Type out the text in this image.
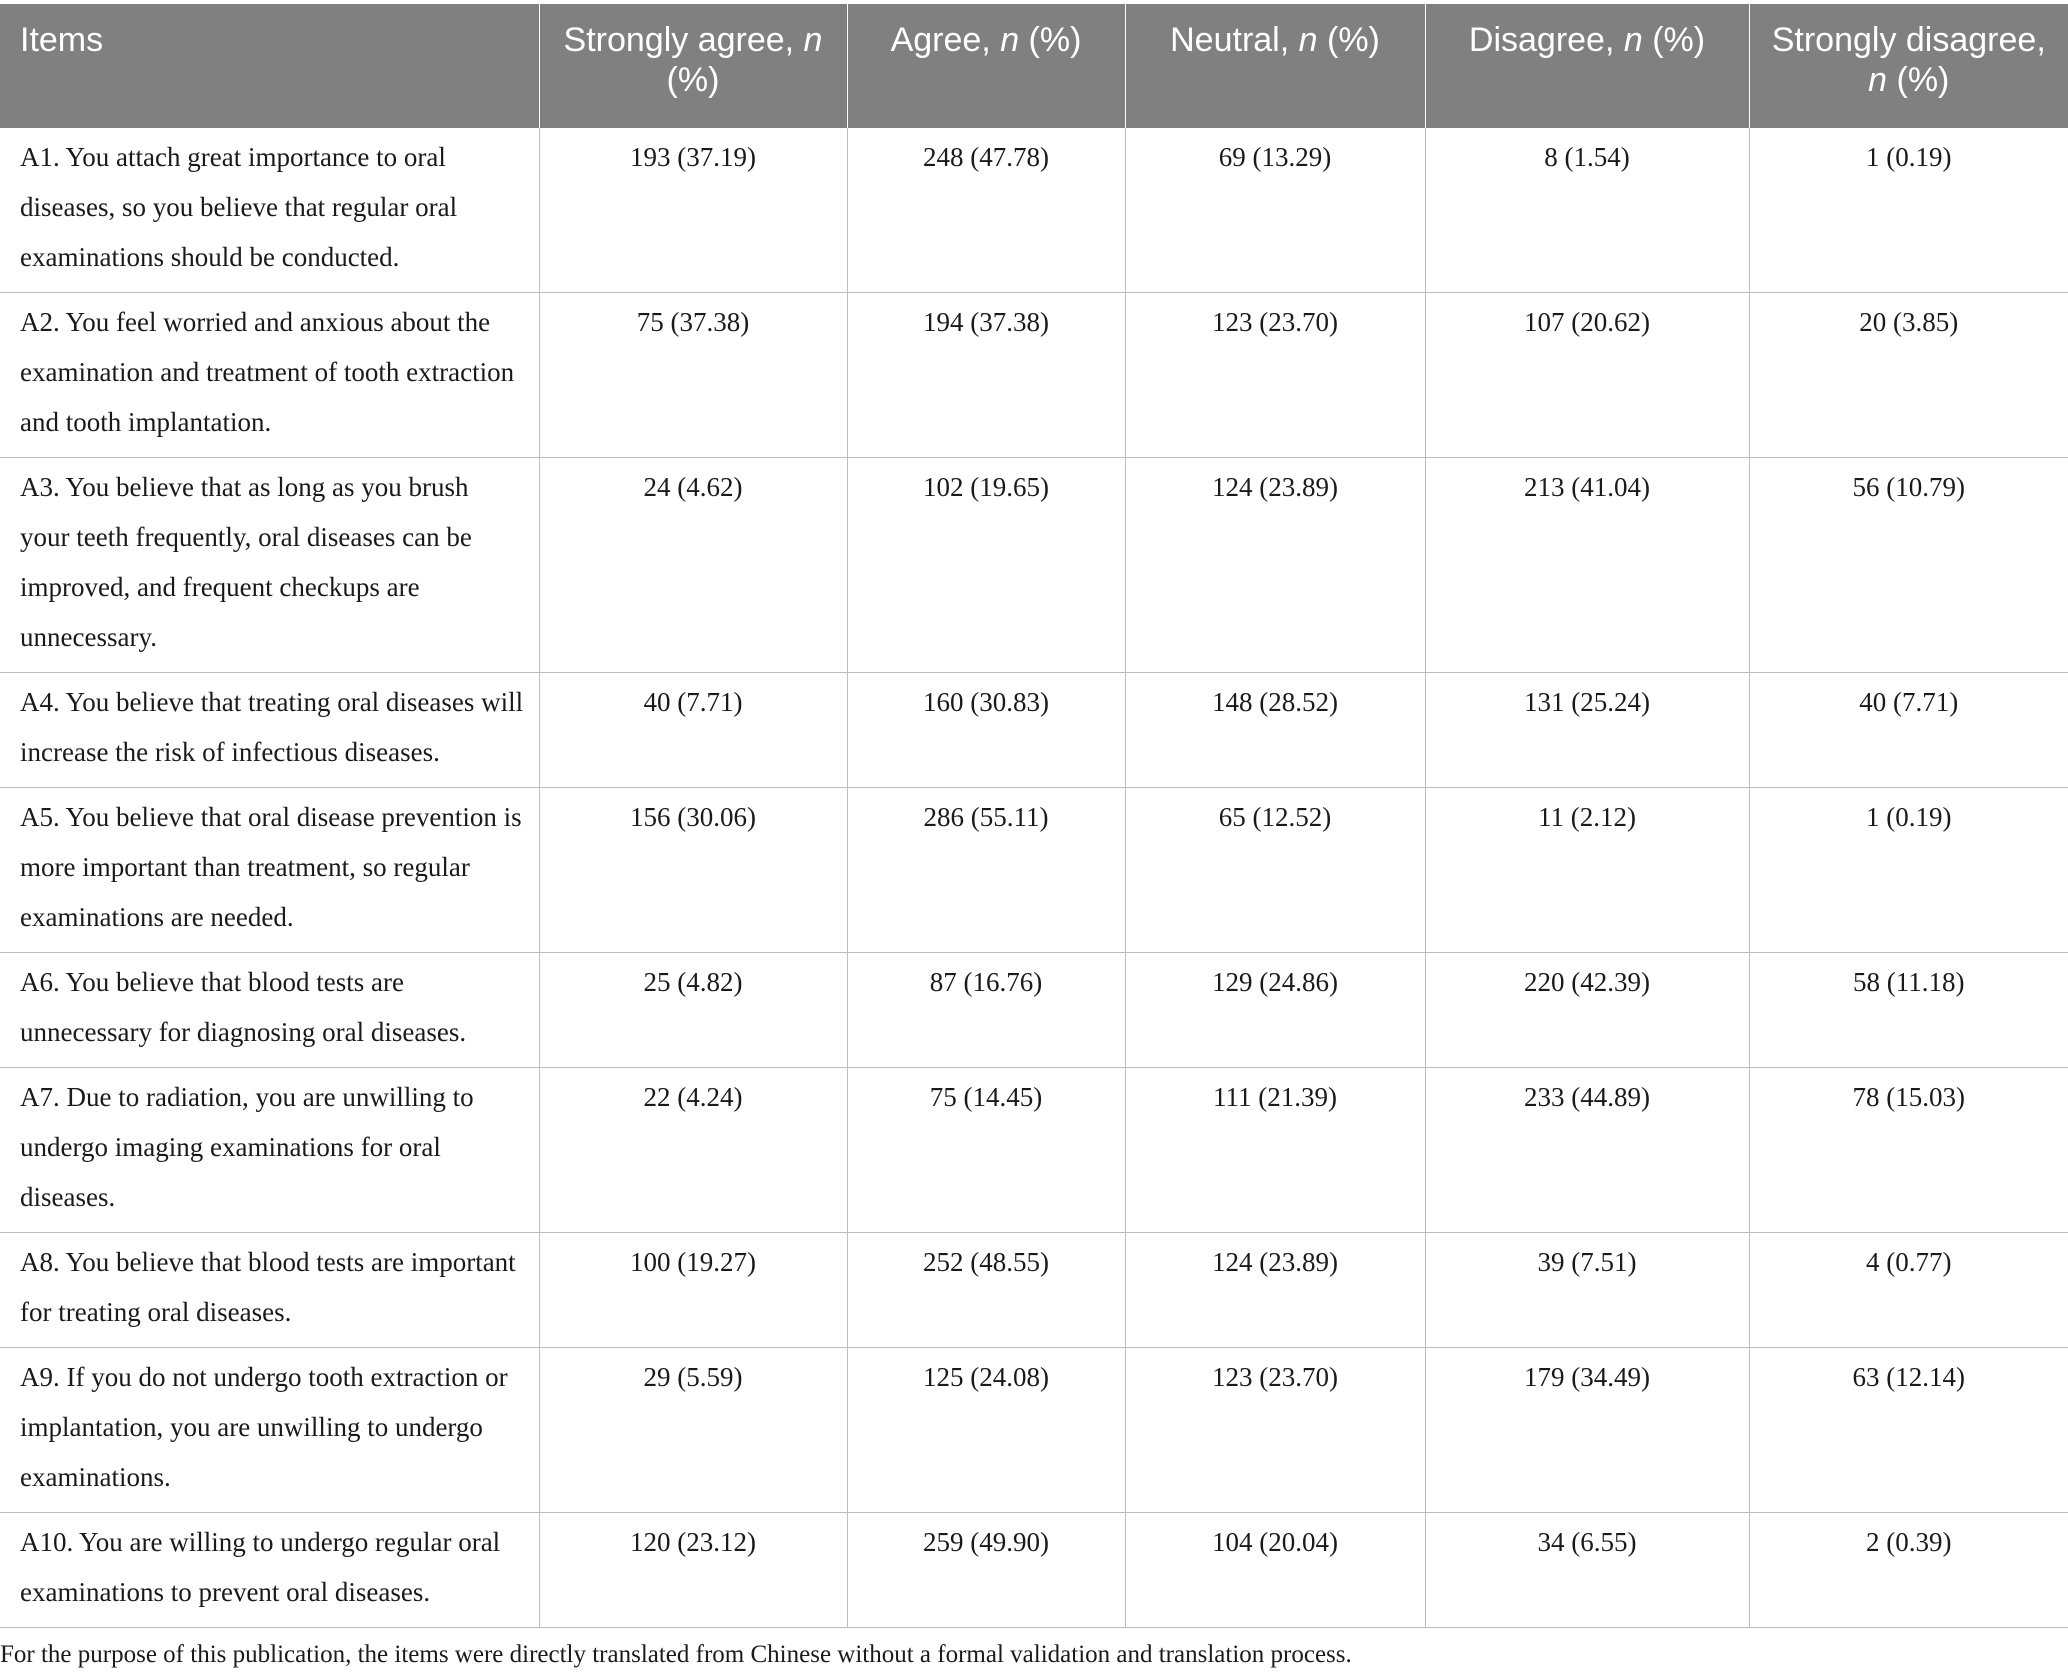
Items	Strongly agree, n (%)	Agree, n (%)	Neutral, n (%)	Disagree, n (%)	Strongly disagree, n (%)
A1. You attach great importance to oral diseases, so you believe that regular oral examinations should be conducted.	193 (37.19)	248 (47.78)	69 (13.29)	8 (1.54)	1 (0.19)
A2. You feel worried and anxious about the examination and treatment of tooth extraction and tooth implantation.	75 (37.38)	194 (37.38)	123 (23.70)	107 (20.62)	20 (3.85)
A3. You believe that as long as you brush your teeth frequently, oral diseases can be improved, and frequent checkups are unnecessary.	24 (4.62)	102 (19.65)	124 (23.89)	213 (41.04)	56 (10.79)
A4. You believe that treating oral diseases will increase the risk of infectious diseases.	40 (7.71)	160 (30.83)	148 (28.52)	131 (25.24)	40 (7.71)
A5. You believe that oral disease prevention is more important than treatment, so regular examinations are needed.	156 (30.06)	286 (55.11)	65 (12.52)	11 (2.12)	1 (0.19)
A6. You believe that blood tests are unnecessary for diagnosing oral diseases.	25 (4.82)	87 (16.76)	129 (24.86)	220 (42.39)	58 (11.18)
A7. Due to radiation, you are unwilling to undergo imaging examinations for oral diseases.	22 (4.24)	75 (14.45)	111 (21.39)	233 (44.89)	78 (15.03)
A8. You believe that blood tests are important for treating oral diseases.	100 (19.27)	252 (48.55)	124 (23.89)	39 (7.51)	4 (0.77)
A9. If you do not undergo tooth extraction or implantation, you are unwilling to undergo examinations.	29 (5.59)	125 (24.08)	123 (23.70)	179 (34.49)	63 (12.14)
A10. You are willing to undergo regular oral examinations to prevent oral diseases.	120 (23.12)	259 (49.90)	104 (20.04)	34 (6.55)	2 (0.39)
For the purpose of this publication, the items were directly translated from Chinese without a formal validation and translation process.
